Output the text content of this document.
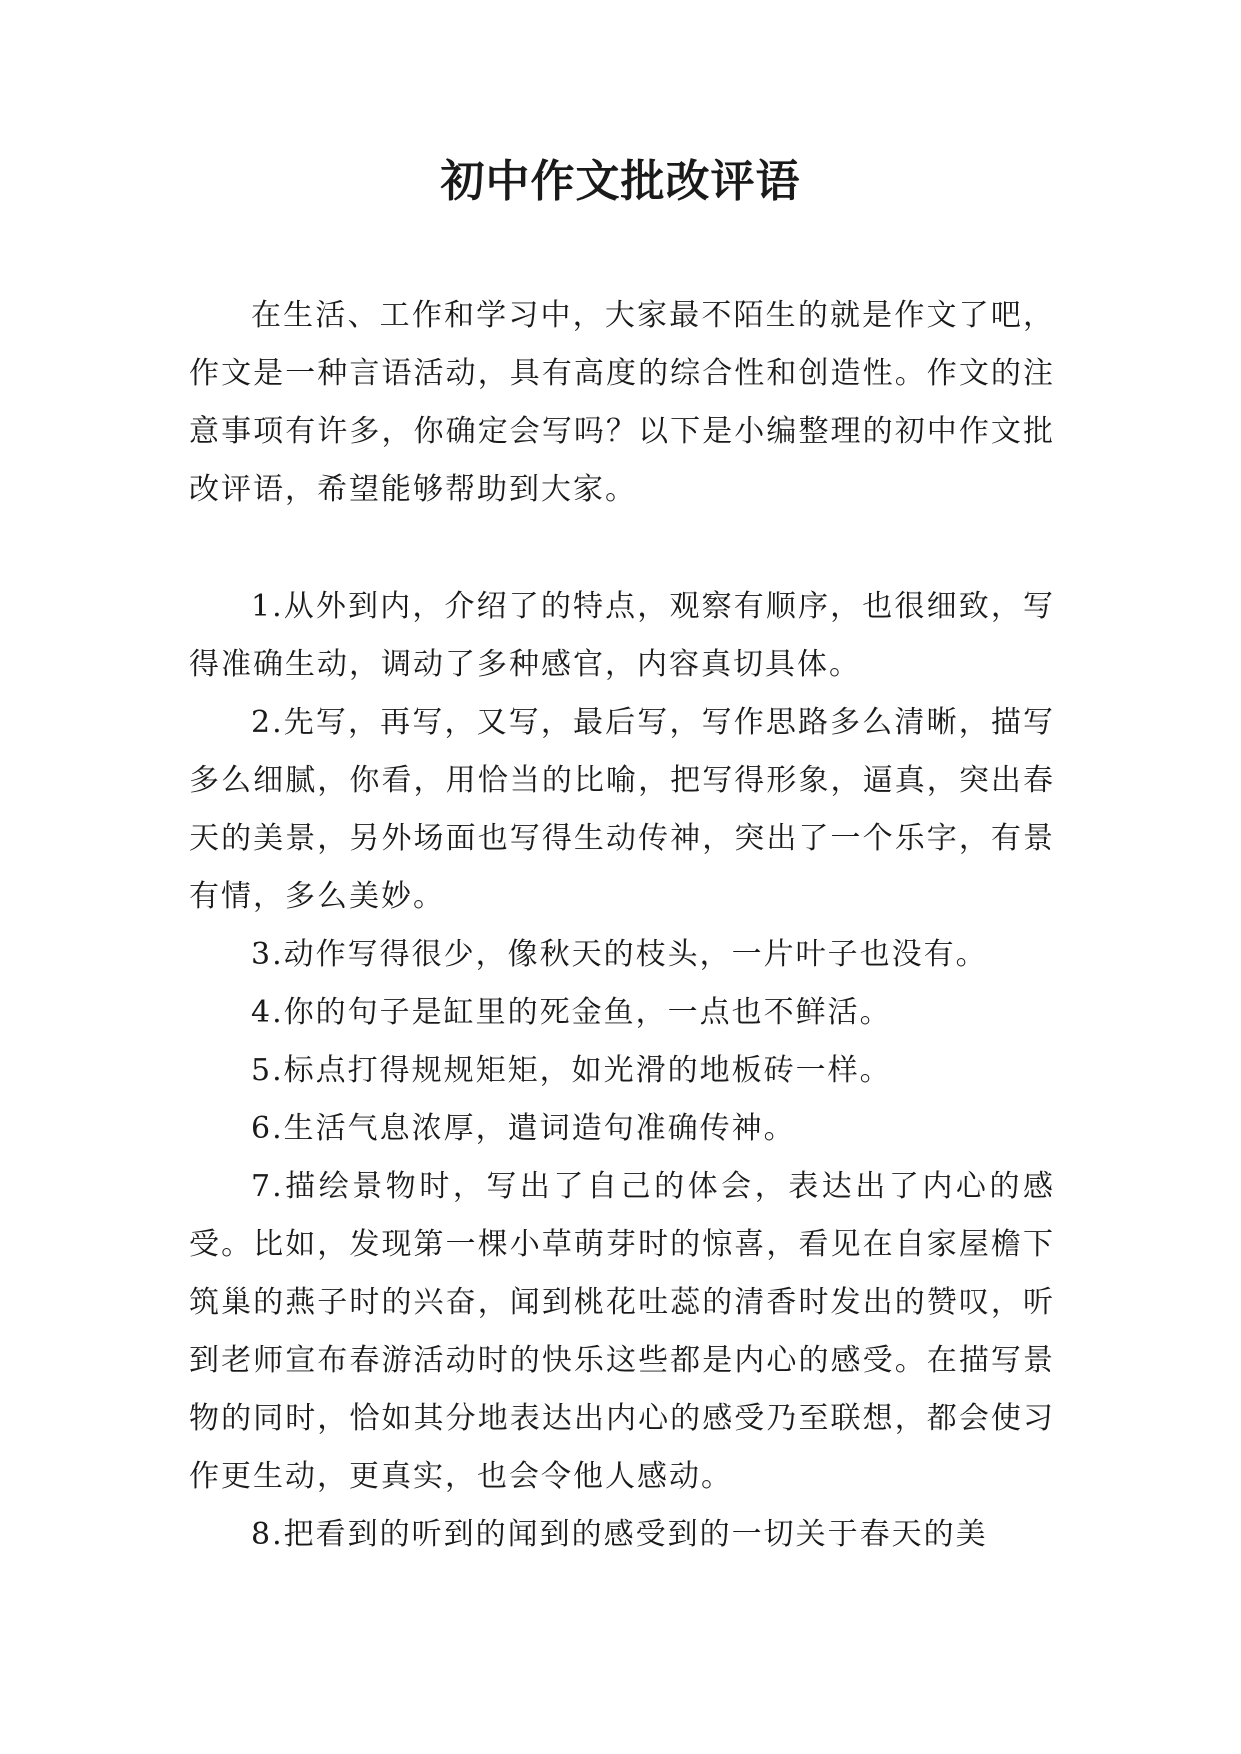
初中作文批改评语

在生活、工作和学习中，大家最不陌生的就是作文了吧，作文是一种言语活动，具有高度的综合性和创造性。作文的注意事项有许多，你确定会写吗？以下是小编整理的初中作文批改评语，希望能够帮助到大家。

1.从外到内，介绍了的特点，观察有顺序，也很细致，写得准确生动，调动了多种感官，内容真切具体。

2.先写，再写，又写，最后写，写作思路多么清晰，描写多么细腻，你看，用恰当的比喻，把写得形象，逼真，突出春天的美景，另外场面也写得生动传神，突出了一个乐字，有景有情，多么美妙。

3.动作写得很少，像秋天的枝头，一片叶子也没有。

4.你的句子是缸里的死金鱼，一点也不鲜活。

5.标点打得规规矩矩，如光滑的地板砖一样。

6.生活气息浓厚，遣词造句准确传神。

7.描绘景物时，写出了自己的体会，表达出了内心的感受。比如，发现第一棵小草萌芽时的惊喜，看见在自家屋檐下筑巢的燕子时的兴奋，闻到桃花吐蕊的清香时发出的赞叹，听到老师宣布春游活动时的快乐这些都是内心的感受。在描写景物的同时，恰如其分地表达出内心的感受乃至联想，都会使习作更生动，更真实，也会令他人感动。

8.把看到的听到的闻到的感受到的一切关于春天的美
